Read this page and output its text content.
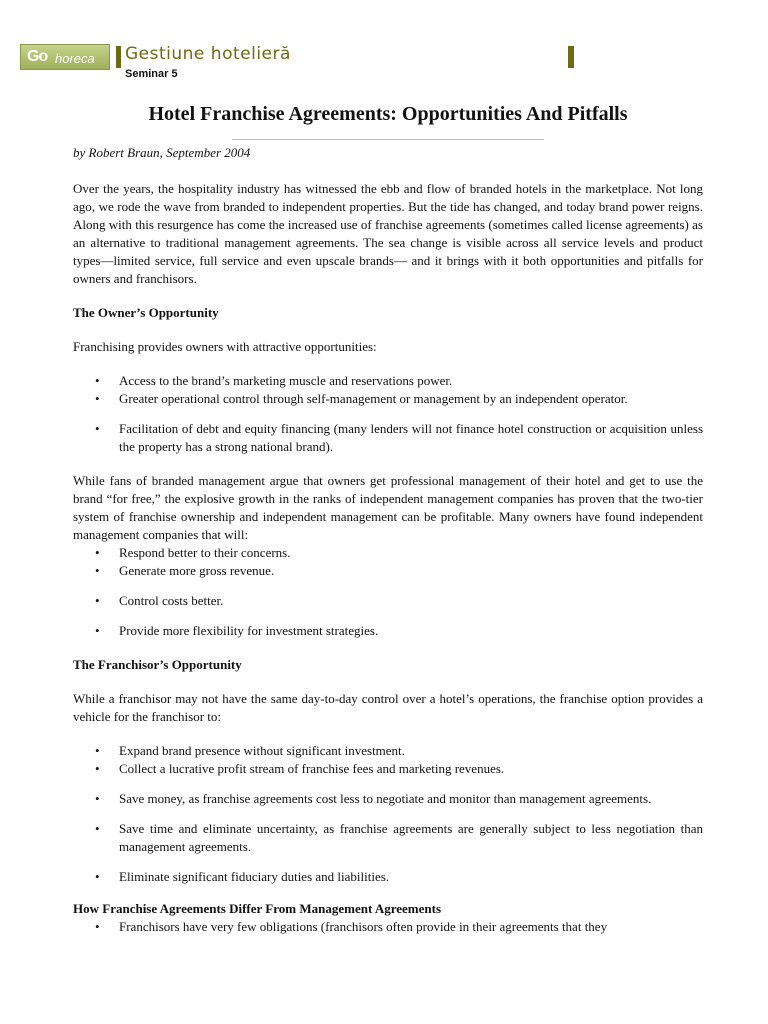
Go horeca Gestiune hotelieră
Seminar 5
Hotel Franchise Agreements: Opportunities And Pitfalls
by Robert Braun, September 2004

Over the years, the hospitality industry has witnessed the ebb and flow of branded hotels in the marketplace. Not long ago, we rode the wave from branded to independent properties. But the tide has changed, and today brand power reigns. Along with this resurgence has come the increased use of franchise agreements (sometimes called license agreements) as an alternative to traditional management agreements. The sea change is visible across all service levels and product types—limited service, full service and even upscale brands— and it brings with it both opportunities and pitfalls for owners and franchisors.

The Owner’s Opportunity

Franchising provides owners with attractive opportunities:

• Access to the brand’s marketing muscle and reservations power.
• Greater operational control through self-management or management by an independent operator.
• Facilitation of debt and equity financing (many lenders will not finance hotel construction or acquisition unless the property has a strong national brand).

While fans of branded management argue that owners get professional management of their hotel and get to use the brand “for free,” the explosive growth in the ranks of independent management companies has proven that the two-tier system of franchise ownership and independent management can be profitable. Many owners have found independent management companies that will:

• Respond better to their concerns.
• Generate more gross revenue.
• Control costs better.
• Provide more flexibility for investment strategies.
The Franchisor’s Opportunity

While a franchisor may not have the same day-to-day control over a hotel’s operations, the franchise option provides a vehicle for the franchisor to:

• Expand brand presence without significant investment.
• Collect a lucrative profit stream of franchise fees and marketing revenues.
• Save money, as franchise agreements cost less to negotiate and monitor than management agreements.
• Save time and eliminate uncertainty, as franchise agreements are generally subject to less negotiation than management agreements.
• Eliminate significant fiduciary duties and liabilities.
How Franchise Agreements Differ From Management Agreements
• Franchisors have very few obligations (franchisors often provide in their agreements that they
